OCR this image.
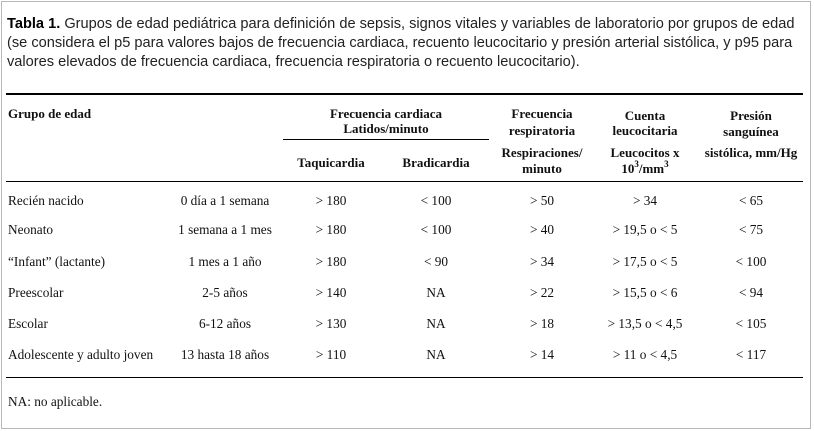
Tabla 1. Grupos de edad pediátrica para definición de sepsis, signos vitales y variables de laboratorio por grupos de edad (se considera el p5 para valores bajos de frecuencia cardiaca, recuento leucocitario y presión arterial sistólica, y p95 para valores elevados de frecuencia cardiaca, frecuencia respiratoria o recuento leucocitario).
Grupo de edad	Frecuencia cardiaca
Latidos/minuto
Taquicardia	Bradicardia
Frecuencia
respiratoria
Respiraciones/
minuto
Cuenta
leucocitaria
Leucocitos x
$10^3/mm^3$
Presión
sanguínea
sistólica, mm/Hg
Recién nacido	0 día a 1 semana	> 180	< 100	> 50	> 34	< 65
Neonato	1 semana a 1 mes	> 180	< 100	> 40	> 19,5 o < 5	< 75
“Infant” (lactante)	1 mes a 1 año	> 180	< 90	> 34	> 17,5 o < 5	< 100
Preescolar	2-5 años	> 140	NA	> 22	> 15,5 o < 6	< 94
Escolar	6-12 años	> 130	NA	> 18	> 13,5 o < 4,5	< 105
Adolescente y adulto joven	13 hasta 18 años	> 110	NA	> 14	> 11 o < 4,5	< 117
NA: no aplicable.
